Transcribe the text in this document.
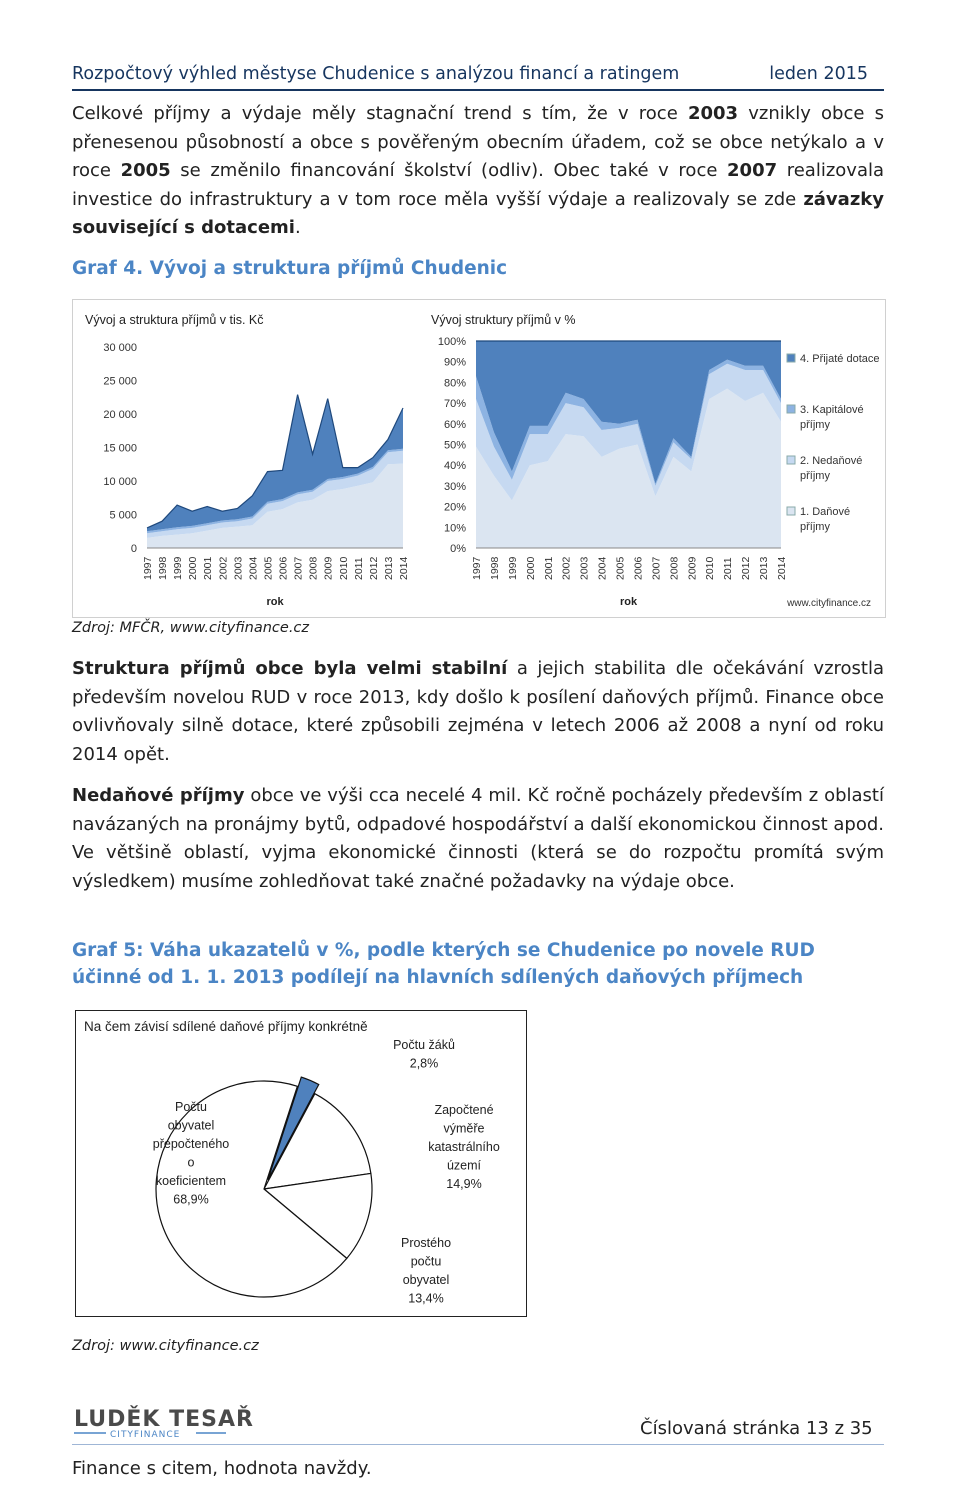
Rozpočtový výhled městyse Chudenice s analýzou financí a ratingem	leden 2015
Celkové příjmy a výdaje měly stagnační trend s tím, že v roce 2003 vznikly obce s přenesenou působností a obce s pověřeným obecním úřadem, což se obce netýkalo a v roce 2005 se změnilo financování školství (odliv). Obec také v roce 2007 realizovala investice do infrastruktury a v tom roce měla vyšší výdaje a realizovaly se zde závazky související s dotacemi.
Graf 4. Vývoj a struktura příjmů Chudenic
Vývoj a struktura příjmů v tis. Kč
30 000
25 000
20 000
15 000
10 000
5 000
0
1997 1998 1999 2000 2001 2002 2003 2004 2005 2006 2007 2008 2009 2010 2011 2012 2013 2014
rok
Vývoj struktury příjmů v %
100%
90%
80%
70%
60%
50%
40%
30%
20%
10%
0%
1997 1998 1999 2000 2001 2002 2003 2004 2005 2006 2007 2008 2009 2010 2011 2012 2013 2014
rok
4. Přijaté dotace
3. Kapitálové
příjmy
2. Nedaňové
příjmy
1. Daňové
příjmy
www.cityfinance.cz
Zdroj: MFČR, www.cityfinance.cz
Struktura příjmů obce byla velmi stabilní a jejich stabilita dle očekávání vzrostla především novelou RUD v roce 2013, kdy došlo k posílení daňových příjmů. Finance obce ovlivňovaly silně dotace, které způsobili zejména v letech 2006 až 2008 a nyní od roku 2014 opět.
Nedaňové příjmy obce ve výši cca necelé 4 mil. Kč ročně pocházely především z oblastí navázaných na pronájmy bytů, odpadové hospodářství a další ekonomickou činnost apod. Ve většině oblastí, vyjma ekonomické činnosti (která se do rozpočtu promítá svým výsledkem) musíme zohledňovat také značné požadavky na výdaje obce.
Graf 5: Váha ukazatelů v %, podle kterých se Chudenice po novele RUD
účinné od 1. 1. 2013 podílejí na hlavních sdílených daňových příjmech
Na čem závisí sdílené daňové příjmy konkrétně
Počtu žáků
2,8%
Započtené
výměře
katastrálního
území
14,9%
Prostého
počtu
obyvatel
13,4%
Počtu
obyvatel
přepočteného
o
koeficientem
68,9%
Zdroj: www.cityfinance.cz
LUDĚK TESAŘ
CITYFINANCE
Finance s citem, hodnota navždy.
Číslovaná stránka 13 z 35
